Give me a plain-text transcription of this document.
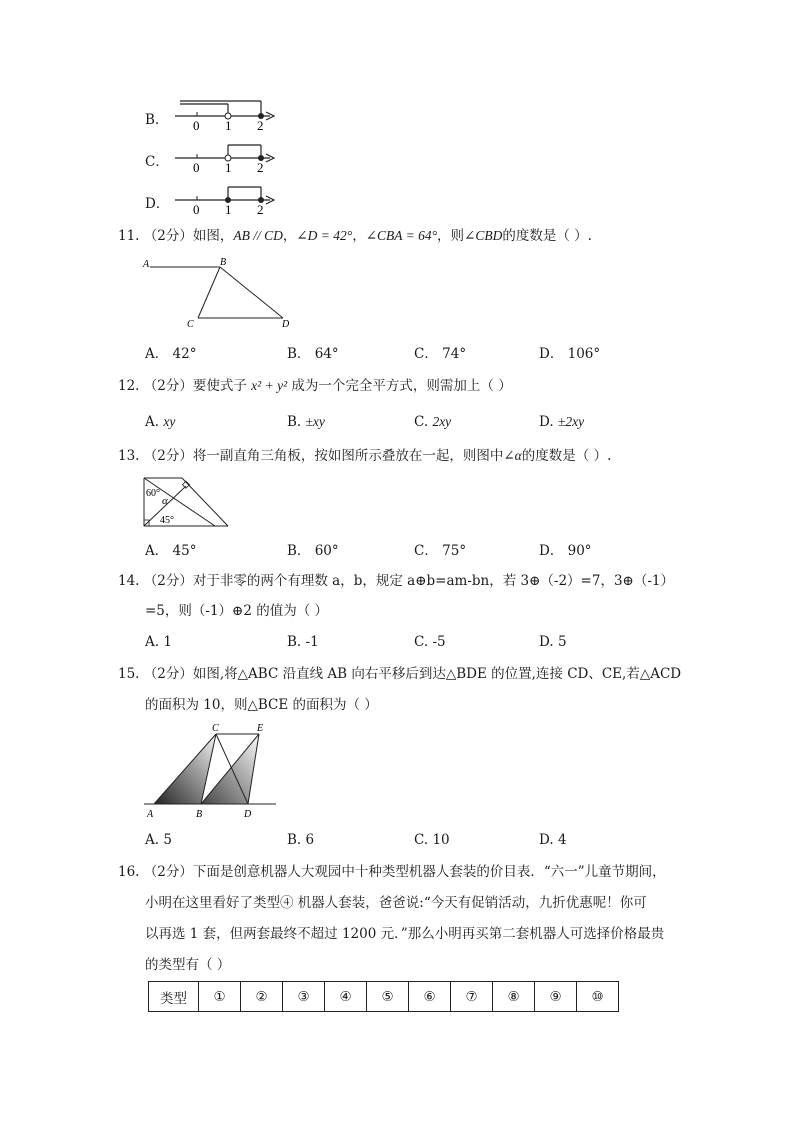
B． 0 1 2
C． 0 1 2
D． 0 1 2
11. （2分）如图，AB // CD，∠D = 42°，∠CBA = 64°，则∠CBD的度数是（ ）.
A	B
C	D
A． 42°	B． 64°	C． 74°	D． 106°
12. （2分）要使式子 x² + y² 成为一个完全平方式，则需加上（ ）
A. xy	B. ±xy	C. 2xy	D. ±2xy
13. （2分）将一副直角三角板，按如图所示叠放在一起，则图中∠α的度数是（ ）.
60°
α
45°
A． 45°	B． 60°	C． 75°	D． 90°
14. （2分）对于非零的两个有理数 a，b，规定 a⊕b=am-bn，若 3⊕（-2）=7，3⊕（-1）
=5，则（-1）⊕2 的值为（ ）
A. 1	B. -1	C. -5	D. 5
15. （2分）如图,将△ABC 沿直线 AB 向右平移后到达△BDE 的位置,连接 CD、CE,若△ACD
的面积为 10，则△BCE 的面积为（ ）
A	B
C
D
E
A. 5	B. 6	C. 10	D. 4
16. （2分）下面是创意机器人大观园中十种类型机器人套装的价目表．“六一”儿童节期间，
小明在这里看好了类型④ 机器人套装，爸爸说:“今天有促销活动，九折优惠呢！你可
以再选 1 套，但两套最终不超过 1200 元．”那么小明再买第二套机器人可选择价格最贵
的类型有（ ）
类型	①	②	③	④	⑤	⑥	⑦	⑧	⑨	⑩
